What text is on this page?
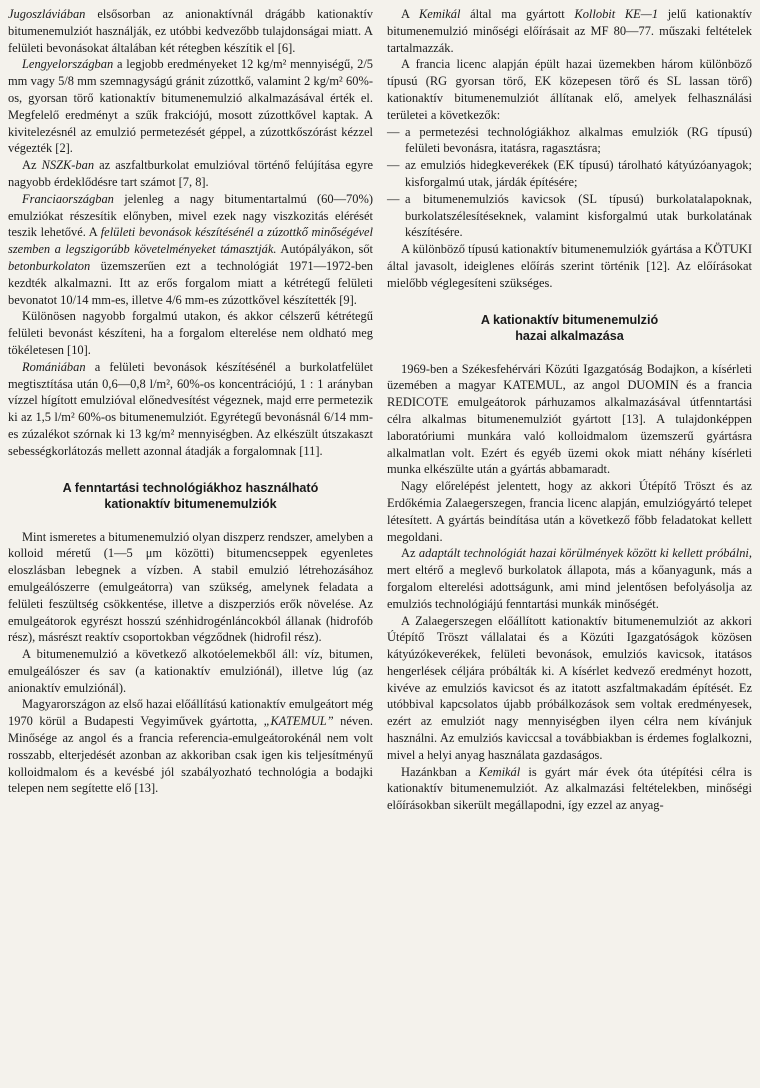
Jugoszláviában elsősorban az anionaktívnál drágább kationaktív bitumenemulziót használják, ez utóbbi kedvezőbb tulajdonságai miatt. A felületi bevonásokat általában két rétegben készítik el [6].

Lengyelországban a legjobb eredményeket 12 kg/m² mennyiségű, 2/5 mm vagy 5/8 mm szemnagyságú gránit zúzottkő, valamint 2 kg/m² 60%-os, gyorsan törő kationaktív bitumenemulzió alkalmazásával érték el. Megfelelő eredményt a szűk frakciójú, mosott zúzottkővel kaptak. A kivitelezésnél az emulzió permetezését géppel, a zúzottkőszórást kézzel végezték [2].

Az NSZK-ban az aszfaltburkolat emulzióval történő felújítása egyre nagyobb érdeklődésre tart számot [7, 8].

Franciaországban jelenleg a nagy bitumentartalmú (60—70%) emulziókat részesítik előnyben, mivel ezek nagy viszkozitás elérését teszik lehetővé. A felületi bevonások készítésénél a zúzottkő minőségével szemben a legszigorúbb követelményeket támasztják. Autópályákon, sőt betonburkolaton üzemszerűen ezt a technológiát 1971—1972-ben kezdték alkalmazni. Itt az erős forgalom miatt a kétrétegű felületi bevonatot 10/14 mm-es, illetve 4/6 mm-es zúzottkővel készítették [9].

Különösen nagyobb forgalmú utakon, és akkor célszerű kétrétegű felületi bevonást készíteni, ha a forgalom elterelése nem oldható meg tökéletesen [10].

Romániában a felületi bevonások készítésénél a burkolatfelület megtisztítása után 0,6—0,8 l/m², 60%-os koncentrációjú, 1 : 1 arányban vízzel hígított emulzióval előnedvesítést végeznek, majd erre permetezik ki az 1,5 l/m² 60%-os bitumenemulziót. Egyrétegű bevonásnál 6/14 mm-es zúzalékot szórnak ki 13 kg/m² mennyiségben. Az elkészült útszakaszt sebességkorlátozás mellett azonnal átadják a forgalomnak [11].

A fenntartási technológiákhoz használható
kationaktív bitumenemulziók

Mint ismeretes a bitumenemulzió olyan diszperz rendszer, amelyben a kolloid méretű (1—5 μm közötti) bitumencseppek egyenletes eloszlásban lebegnek a vízben. A stabil emulzió létrehozásához emulgeálószerre (emulgeátorra) van szükség, amelynek feladata a felületi feszültség csökkentése, illetve a diszperziós erők növelése. Az emulgeátorok egyrészt hosszú szénhidrogénláncokból állanak (hidrofób rész), másrészt reaktív csoportokban végződnek (hidrofil rész).

A bitumenemulzió a következő alkotóelemekből áll: víz, bitumen, emulgeálószer és sav (a kationaktív emulziónál), illetve lúg (az anionaktív emulziónál).

Magyarországon az első hazai előállítású kationaktív emulgeátort még 1970 körül a Budapesti Vegyiművek gyártotta, „KATEMUL” néven. Minősége az angol és a francia referencia-emulgeátorokénál nem volt rosszabb, elterjedését azonban az akkoriban csak igen kis teljesítményű kolloidmalom és a kevésbé jól szabályozható technológia a bodajki telepen nem segítette elő [13].

A Kemikál által ma gyártott Kollobit KE—1 jelű kationaktív bitumenemulzió minőségi előírásait az MF 80—77. műszaki feltételek tartalmazzák.

A francia licenc alapján épült hazai üzemekben három különböző típusú (RG gyorsan törő, EK közepesen törő és SL lassan törő) kationaktív bitumenemulziót állítanak elő, amelyek felhasználási területei a következők:

— a permetezési technológiákhoz alkalmas emulziók (RG típusú) felületi bevonásra, itatásra, ragasztásra;
— az emulziós hidegkeverékek (EK típusú) tárolható kátyúzóanyagok; kisforgalmú utak, járdák építésére;
— a bitumenemulziós kavicsok (SL típusú) burkolatalapoknak, burkolatszélesítéseknek, valamint kisforgalmú utak burkolatának készítésére.

A különböző típusú kationaktív bitumenemulziók gyártása a KÖTUKI által javasolt, ideiglenes előírás szerint történik [12]. Az előírásokat mielőbb véglegesíteni szükséges.

A kationaktív bitumenemulzió
hazai alkalmazása

1969-ben a Székesfehérvári Közúti Igazgatóság Bodajkon, a kísérleti üzemében a magyar KATEMUL, az angol DUOMIN és a francia REDICOTE emulgeátorok párhuzamos alkalmazásával útfenntartási célra alkalmas bitumenemulziót gyártott [13]. A tulajdonképpen laboratóriumi munkára való kolloidmalom üzemszerű gyártásra alkalmatlan volt. Ezért és egyéb üzemi okok miatt néhány kísérleti munka elkészülte után a gyártás abbamaradt.

Nagy előrelépést jelentett, hogy az akkori Útépítő Tröszt és az Erdőkémia Zalaegerszegen, francia licenc alapján, emulziógyártó telepet létesített. A gyártás beindítása után a következő főbb feladatokat kellett megoldani.

Az adaptált technológiát hazai körülmények között ki kellett próbálni, mert eltérő a meglevő burkolatok állapota, más a kőanyagunk, más a forgalom elterelési adottságunk, ami mind jelentősen befolyásolja az emulziós technológiájú fenntartási munkák minőségét.

A Zalaegerszegen előállított kationaktív bitumenemulziót az akkori Útépítő Tröszt vállalatai és a Közúti Igazgatóságok közösen kátyúzókeverékek, felületi bevonások, emulziós kavicsok, itatásos hengerlések céljára próbálták ki. A kísérlet kedvező eredményt hozott, kivéve az emulziós kavicsot és az itatott aszfaltmakadám építését. Ez utóbbival kapcsolatos újabb próbálkozások sem voltak eredményesek, ezért az emulziót nagy mennyiségben ilyen célra nem kívánjuk használni. Az emulziós kaviccsal a továbbiakban is érdemes foglalkozni, mivel a helyi anyag használata gazdaságos.

Hazánkban a Kemikál is gyárt már évek óta útépítési célra is kationaktív bitumenemulziót. Az alkalmazási feltételekben, minőségi előírásokban sikerült megállapodni, így ezzel az anyag-
